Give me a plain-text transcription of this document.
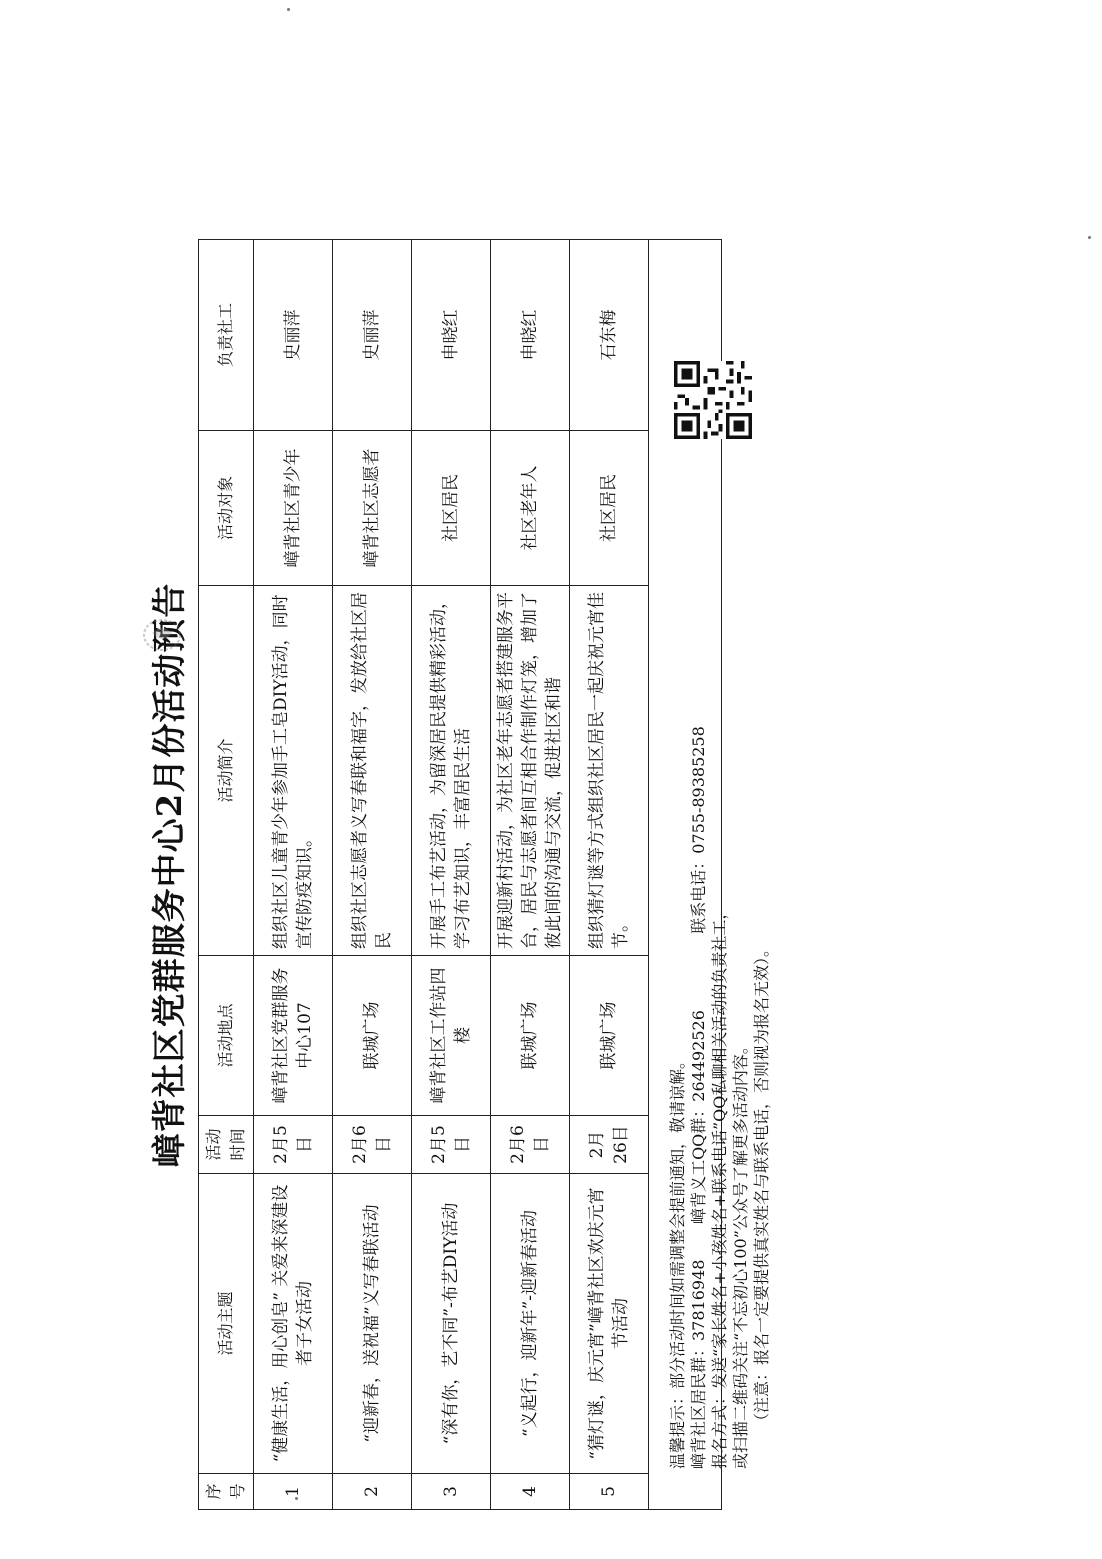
嶂背社区党群服务中心2月份活动预告
序号	活动主题	活动时间	活动地点	活动简介	活动对象	负责社工
1	“健康生活，用心创皂” 关爱来深建设者子女活动	2月5日	嶂背社区党群服务中心107	组织社区儿童青少年参加手工皂DIY活动，同时宣传防疫知识。	嶂背社区青少年	史丽萍
2	“迎新春，送祝福”义写春联活动	2月6日	联城广场	组织社区志愿者义写春联和福字，发放给社区居民	嶂背社区志愿者	史丽萍
3	“深有你，艺不同”-布艺DIY活动	2月5日	嶂背社区工作站四楼	开展手工布艺活动，为留深居民提供精彩活动，学习布艺知识，丰富居民生活	社区居民	申晓红
4	“义起行，迎新年”-迎新春活动	2月6日	联城广场	开展迎新村活动，为社区老年志愿者搭建服务平台，居民与志愿者间互相合作制作灯笼，增加了彼此间的沟通与交流，促进社区和谐	社区老年人	申晓红
5	“猜灯谜，庆元宵”嶂背社区欢庆元宵节活动	2月26日	联城广场	组织猜灯谜等方式组织社区居民一起庆祝元宵佳节。	社区居民	石东梅

温馨提示：部分活动时间如需调整会提前通知，敬请谅解。 嶂背社区居民群：37816948       嶂背义工QQ群：264492526               联系电话：0755-89385258
报名方式：发送“家长姓名+小孩姓名+联系电话”QQ私聊相关活动的负责社工， 或扫描二维码关注“不忘初心100”公众号了解更多活动内容。 （注意：报名一定要提供真实姓名与联系电话，否则视为报名无效）。						
